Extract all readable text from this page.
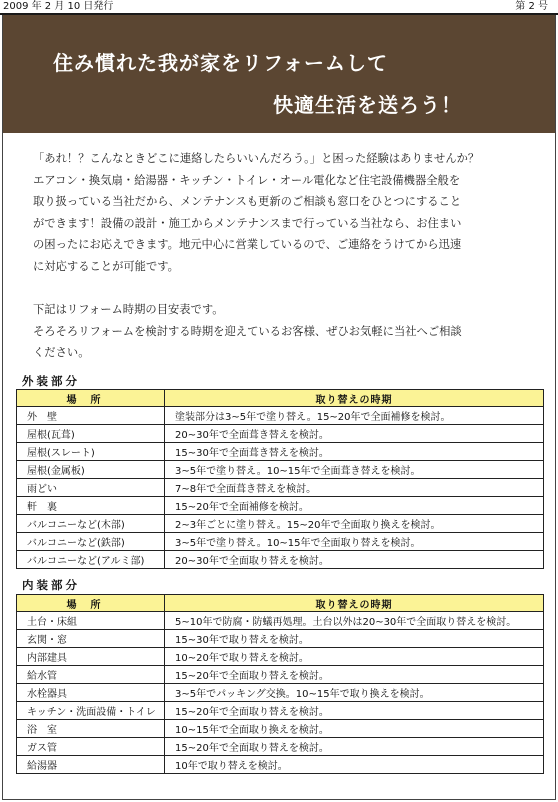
2009 年 2 月 10 日発行	第 2 号
住み慣れた我が家をリフォームして
快適生活を送ろう！

「あれ！？こんなときどこに連絡したらいいんだろう。」と困った経験はありませんか？

エアコン・換気扇・給湯器・キッチン・トイレ・オール電化など住宅設備機器全般を

取り扱っている当社だから、メンテナンスも更新のご相談も窓口をひとつにすること

ができます！設備の設計・施工からメンテナンスまで行っている当社なら、お住まい

の困ったにお応えできます。地元中心に営業しているので、ご連絡をうけてから迅速

に対応することが可能です。

下記はリフォーム時期の目安表です。

そろそろリフォームを検討する時期を迎えているお客様、ぜひお気軽に当社へご相談

ください。

外装部分
場所	取り替えの時期
外　壁	塗装部分は3~5年で塗り替え。15~20年で全面補修を検討。
屋根(瓦葺)	20~30年で全面葺き替えを検討。
屋根(スレート)	15~30年で全面葺き替えを検討。
屋根(金属板)	3~5年で塗り替え。10~15年で全面葺き替えを検討。
雨どい	7~8年で全面葺き替えを検討。
軒　裏	15~20年で全面補修を検討。
バルコニーなど(木部)	2~3年ごとに塗り替え。15~20年で全面取り換えを検討。
バルコニーなど(鉄部)	3~5年で塗り替え。10~15年で全面取り替えを検討。
バルコニーなど(アルミ部)	20~30年で全面取り替えを検討。
内装部分
場所	取り替えの時期
土台・床組	5~10年で防腐・防蟻再処理。土台以外は20~30年で全面取り替えを検討。
玄関・窓	15~30年で取り替えを検討。
内部建具	10~20年で取り替えを検討。
給水管	15~20年で全面取り替えを検討。
水栓器具	3~5年でパッキング交換。10~15年で取り換えを検討。
キッチン・洗面設備・トイレ	15~20年で全面取り替えを検討。
浴　室	10~15年で全面取り換えを検討。
ガス管	15~20年で全面取り替えを検討。
給湯器	10年で取り替えを検討。
